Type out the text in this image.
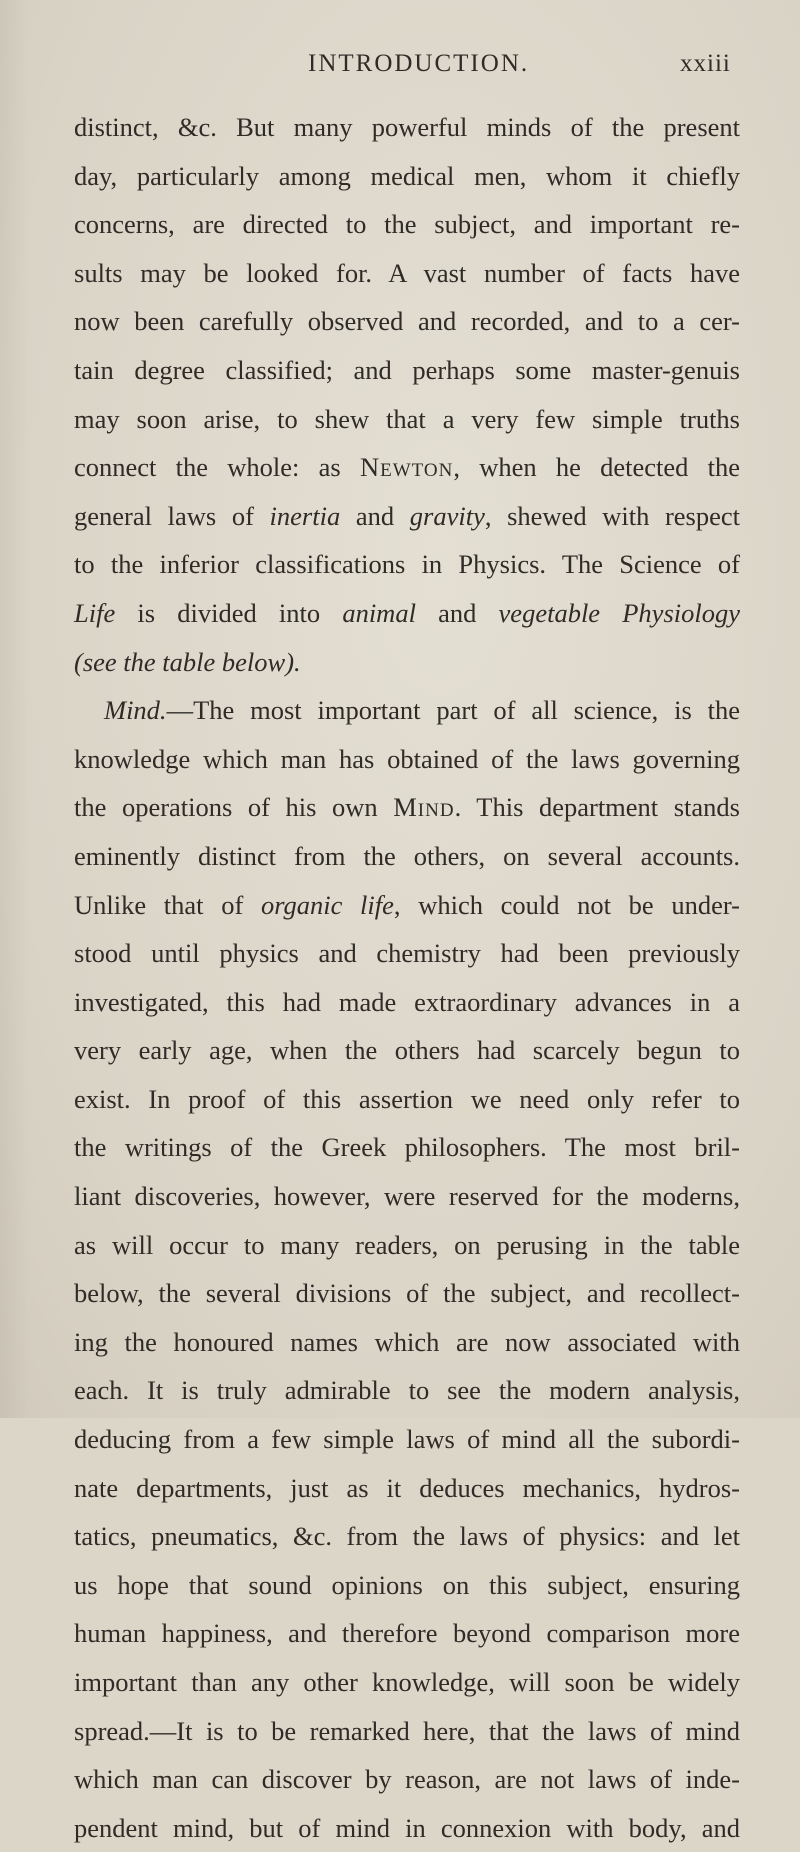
INTRODUCTION.	xxiii
distinct, &c. But many powerful minds of the present
day, particularly among medical men, whom it chiefly
concerns, are directed to the subject, and important re-
sults may be looked for. A vast number of facts have
now been carefully observed and recorded, and to a cer-
tain degree classified; and perhaps some master-genuis
may soon arise, to shew that a very few simple truths
connect the whole: as Newton, when he detected the
general laws of inertia and gravity, shewed with respect
to the inferior classifications in Physics. The Science of
Life is divided into animal and vegetable Physiology
(see the table below).
Mind.—The most important part of all science, is the
knowledge which man has obtained of the laws governing
the operations of his own Mind. This department stands
eminently distinct from the others, on several accounts.
Unlike that of organic life, which could not be under-
stood until physics and chemistry had been previously
investigated, this had made extraordinary advances in a
very early age, when the others had scarcely begun to
exist. In proof of this assertion we need only refer to
the writings of the Greek philosophers. The most bril-
liant discoveries, however, were reserved for the moderns,
as will occur to many readers, on perusing in the table
below, the several divisions of the subject, and recollect-
ing the honoured names which are now associated with
each. It is truly admirable to see the modern analysis,
deducing from a few simple laws of mind all the subordi-
nate departments, just as it deduces mechanics, hydros-
tatics, pneumatics, &c. from the laws of physics: and let
us hope that sound opinions on this subject, ensuring
human happiness, and therefore beyond comparison more
important than any other knowledge, will soon be widely
spread.—It is to be remarked here, that the laws of mind
which man can discover by reason, are not laws of inde-
pendent mind, but of mind in connexion with body, and
